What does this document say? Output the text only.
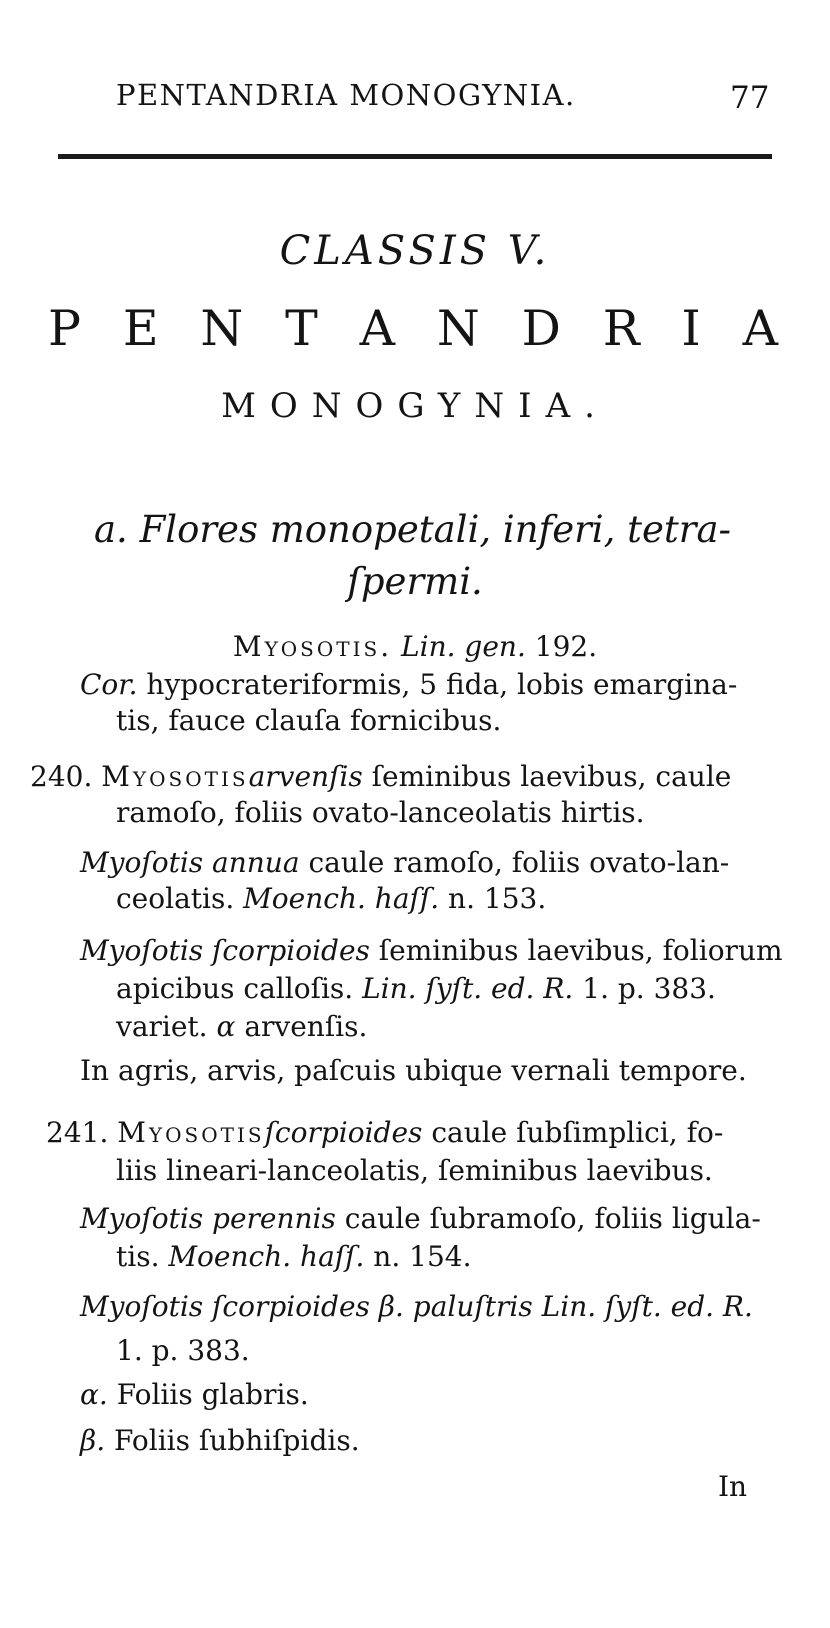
PENTANDRIA MONOGYNIA.	77
CLASSIS V.
P E N T A N D R I A
MONOGYNIA.
a. Flores monopetali, inferi, tetra-
ſpermi.
Myosotis. Lin. gen. 192.
Cor. hypocrateriformis, 5 fida, lobis emargina-
tis, fauce clauſa fornicibus.
240. Myosotisarvenſis ſeminibus laevibus, caule
ramoſo, foliis ovato-lanceolatis hirtis.
Myoſotis annua caule ramoſo, foliis ovato-lan-
ceolatis. Moench. haſſ. n. 153.
Myoſotis ſcorpioides ſeminibus laevibus, foliorum
apicibus calloſis. Lin. ſyſt. ed. R. 1. p. 383.
variet. α arvenſis.
In agris, arvis, paſcuis ubique vernali tempore.
241. Myosotisſcorpioides caule ſubſimplici, fo-
liis lineari-lanceolatis, ſeminibus laevibus.
Myoſotis perennis caule ſubramoſo, foliis ligula-
tis. Moench. haſſ. n. 154.
Myoſotis ſcorpioides β. paluſtris Lin. ſyſt. ed. R.
1. p. 383.
α. Foliis glabris.
β. Foliis ſubhiſpidis.
In
